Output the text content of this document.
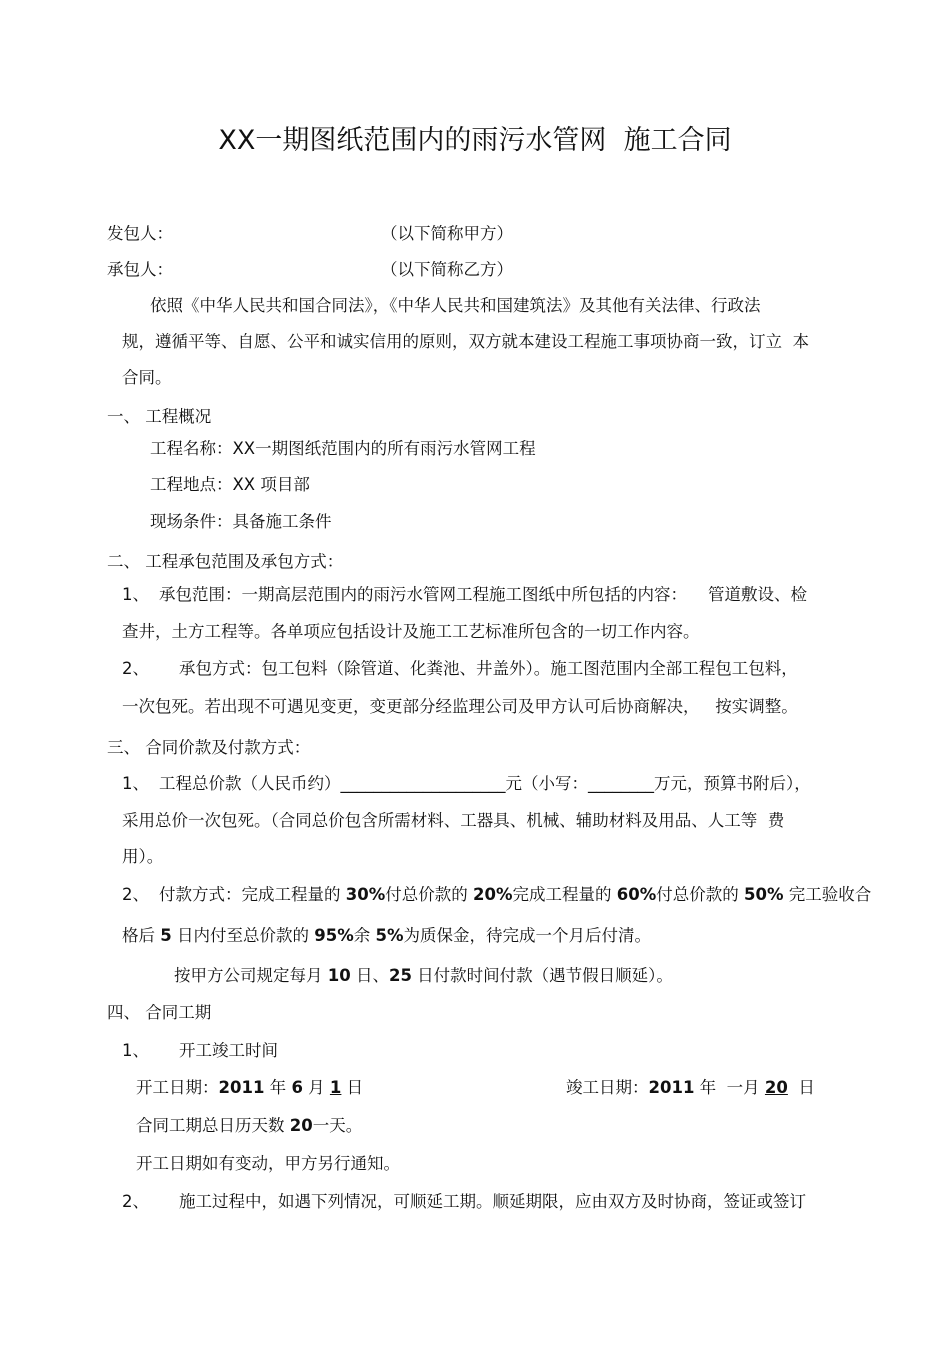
XX一期图纸范围内的雨污水管网  施工合同
发包人：	（以下简称甲方）
承包人：	（以下简称乙方）
依照《中华人民共和国合同法》，《中华人民共和国建筑法》及其他有关法律、行政法
规，遵循平等、自愿、公平和诚实信用的原则，双方就本建设工程施工事项协商一致，订立  本
合同。
一、 工程概况
工程名称：XX一期图纸范围内的所有雨污水管网工程
工程地点：XX 项目部
现场条件：具备施工条件
二、 工程承包范围及承包方式：
1、 承包范围：一期高层范围内的雨污水管网工程施工图纸中所包括的内容：    管道敷设、检
查井，土方工程等。各单项应包括设计及施工工艺标准所包含的一切工作内容。
2、 承包方式：包工包料（除管道、化粪池、井盖外）。施工图范围内全部工程包工包料，
一次包死。若出现不可遇见变更，变更部分经监理公司及甲方认可后协商解决，   按实调整。
三、 合同价款及付款方式：
1、 工程总价款（人民币约）____________________元（小写：________万元，预算书附后），
采用总价一次包死。（合同总价包含所需材料、工器具、机械、辅助材料及用品、人工等  费
用）。
2、 付款方式：完成工程量的 30%付总价款的 20%完成工程量的 60%付总价款的 50% 完工验收合
格后 5 日内付至总价款的 95%余 5%为质保金，待完成一个月后付清。
按甲方公司规定每月 10 日、25 日付款时间付款（遇节假日顺延）。
四、 合同工期
1、 开工竣工时间
开工日期：2011 年 6 月 1 日	竣工日期：2011 年  一月 20  日
合同工期总日历天数 20一天。
开工日期如有变动，甲方另行通知。
2、 施工过程中，如遇下列情况，可顺延工期。顺延期限，应由双方及时协商，签证或签订
